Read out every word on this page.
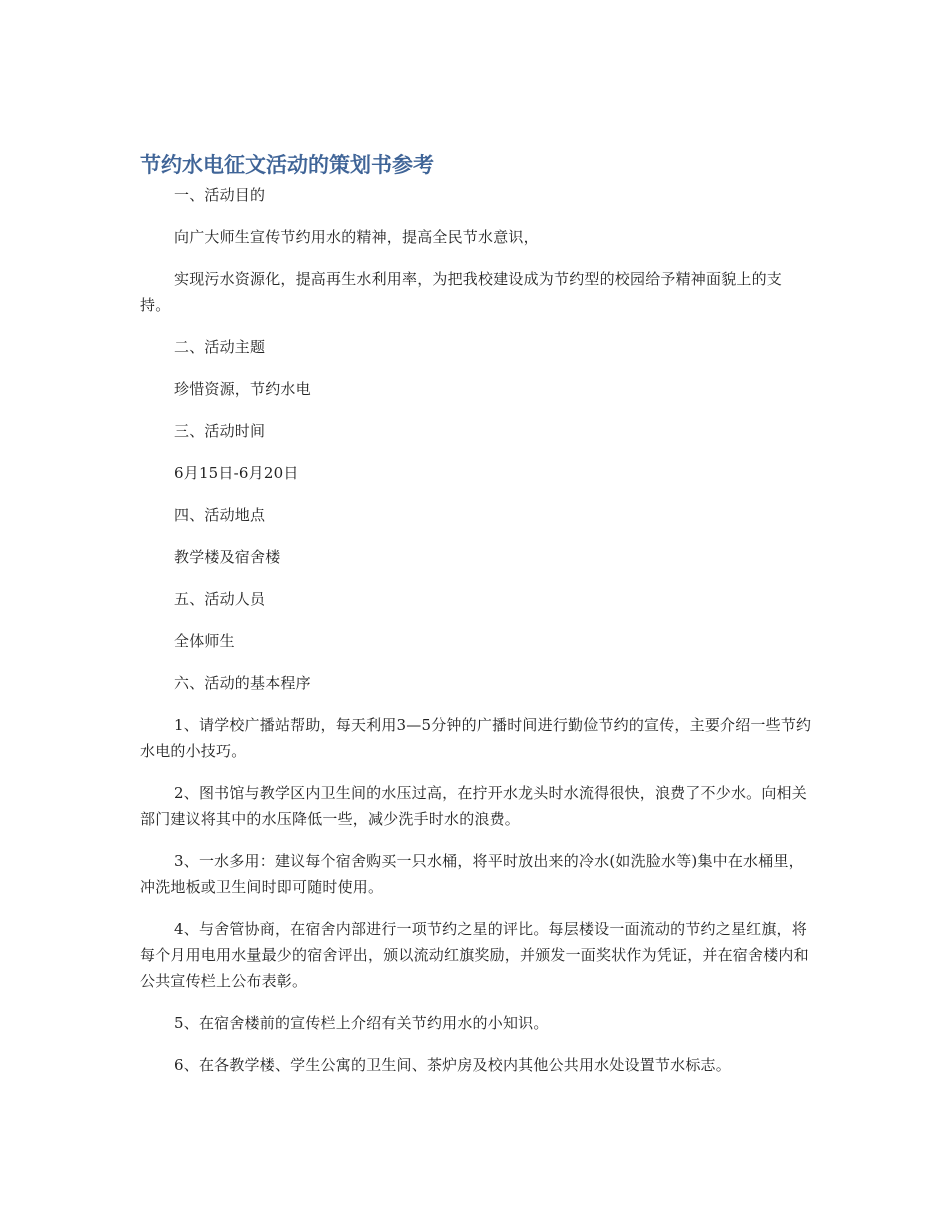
节约水电征文活动的策划书参考

一、活动目的

向广大师生宣传节约用水的精神，提高全民节水意识，

实现污水资源化，提高再生水利用率，为把我校建设成为节约型的校园给予精神面貌上的支持。

二、活动主题

珍惜资源，节约水电

三、活动时间

6月15日-6月20日

四、活动地点

教学楼及宿舍楼

五、活动人员

全体师生

六、活动的基本程序

1、请学校广播站帮助，每天利用3—5分钟的广播时间进行勤俭节约的宣传，主要介绍一些节约水电的小技巧。

2、图书馆与教学区内卫生间的水压过高，在拧开水龙头时水流得很快，浪费了不少水。向相关部门建议将其中的水压降低一些，减少洗手时水的浪费。

3、一水多用：建议每个宿舍购买一只水桶，将平时放出来的冷水(如洗脸水等)集中在水桶里，冲洗地板或卫生间时即可随时使用。

4、与舍管协商，在宿舍内部进行一项节约之星的评比。每层楼设一面流动的节约之星红旗，将每个月用电用水量最少的宿舍评出，颁以流动红旗奖励，并颁发一面奖状作为凭证，并在宿舍楼内和公共宣传栏上公布表彰。

5、在宿舍楼前的宣传栏上介绍有关节约用水的小知识。

6、在各教学楼、学生公寓的卫生间、茶炉房及校内其他公共用水处设置节水标志。
